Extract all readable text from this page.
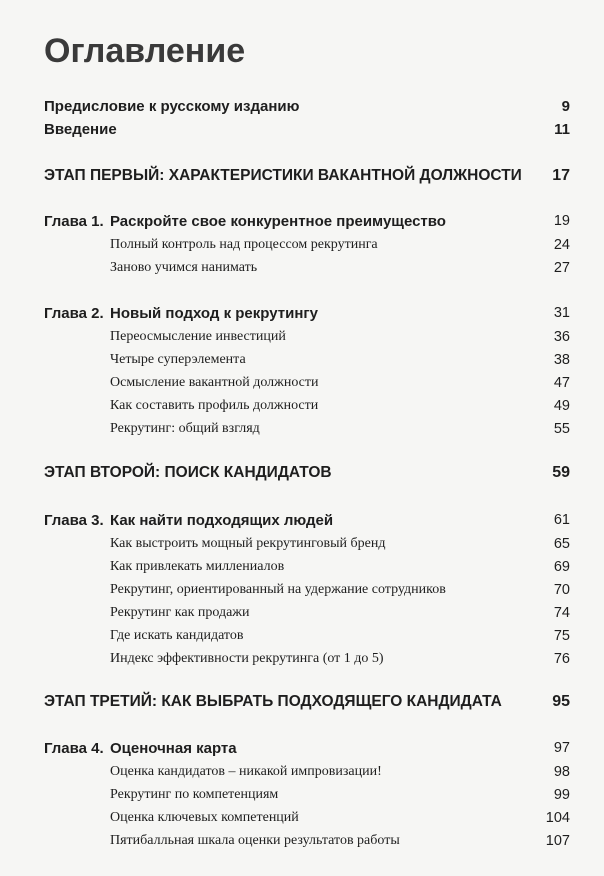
Оглавление
Предисловие к русскому изданию	9
Введение	11
ЭТАП ПЕРВЫЙ: ХАРАКТЕРИСТИКИ ВАКАНТНОЙ ДОЛЖНОСТИ 17
Глава 1. Раскройте свое конкурентное преимущество	19
Полный контроль над процессом рекрутинга	24
Заново учимся нанимать	27
Глава 2. Новый подход к рекрутингу	31
Переосмысление инвестиций	36
Четыре суперэлемента	38
Осмысление вакантной должности	47
Как составить профиль должности	49
Рекрутинг: общий взгляд	55
ЭТАП ВТОРОЙ: ПОИСК КАНДИДАТОВ	59
Глава 3. Как найти подходящих людей	61
Как выстроить мощный рекрутинговый бренд	65
Как привлекать миллениалов	69
Рекрутинг, ориентированный на удержание сотрудников	70
Рекрутинг как продажи	74
Где искать кандидатов	75
Индекс эффективности рекрутинга (от 1 до 5)	76
ЭТАП ТРЕТИЙ: КАК ВЫБРАТЬ ПОДХОДЯЩЕГО КАНДИДАТА	95
Глава 4. Оценочная карта	97
Оценка кандидатов – никакой импровизации!	98
Рекрутинг по компетенциям	99
Оценка ключевых компетенций	104
Пятибалльная шкала оценки результатов работы	107
